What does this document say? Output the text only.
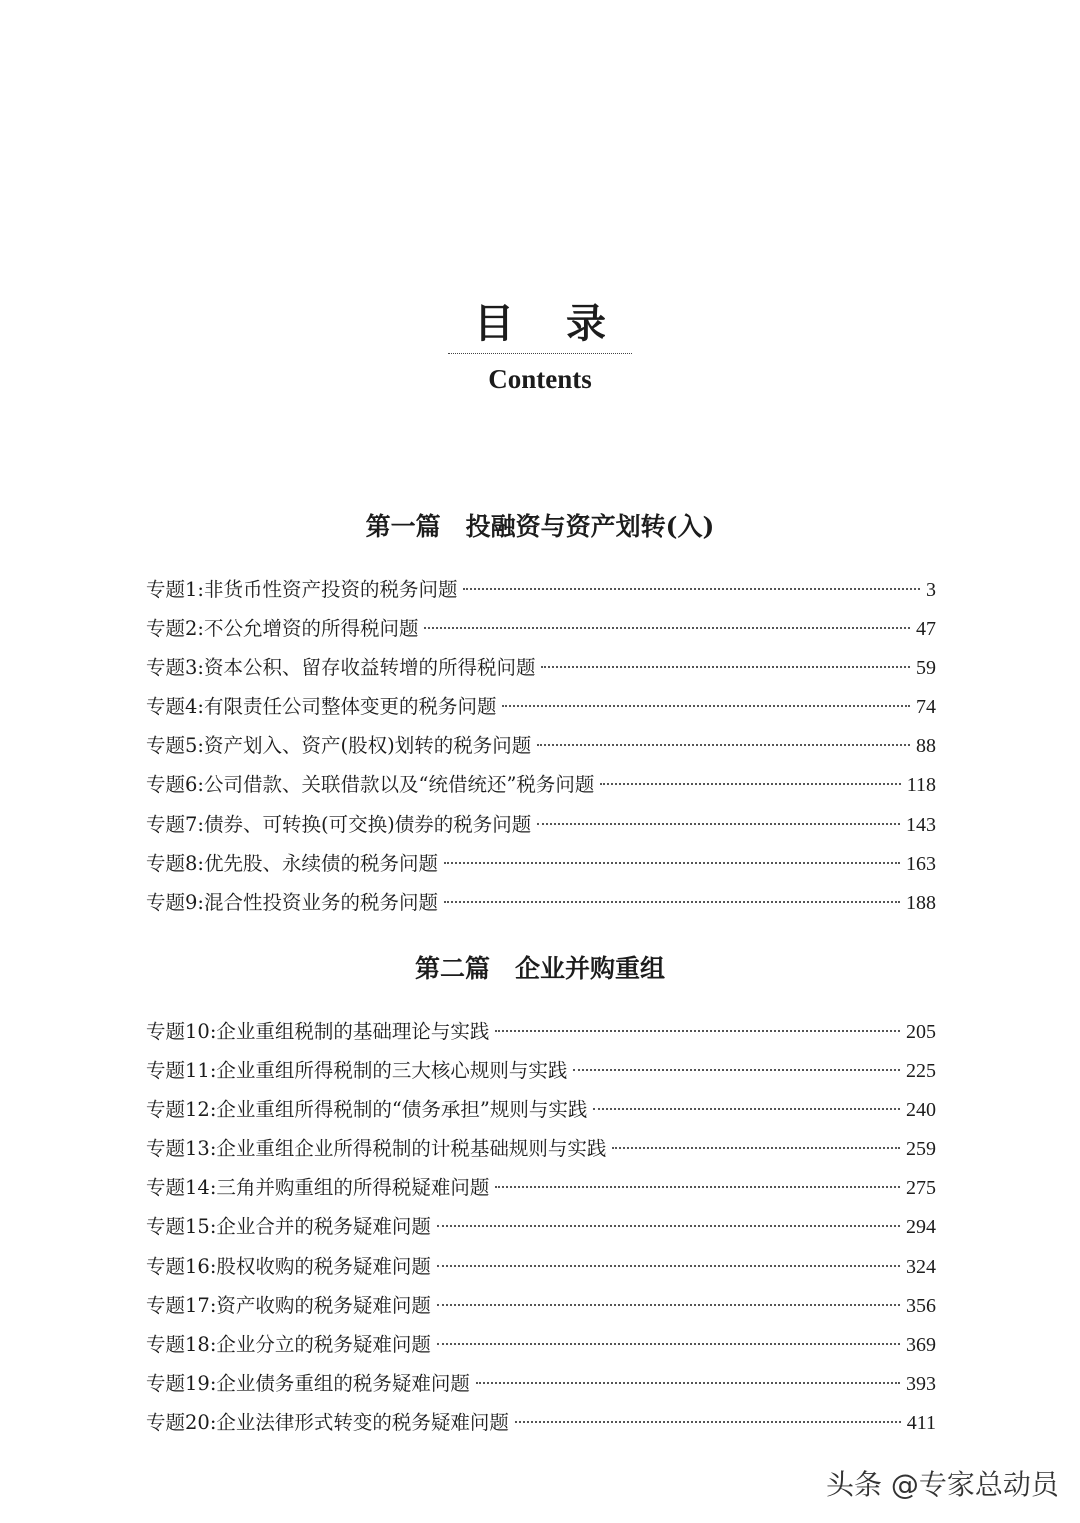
目录
Contents
第一篇　投融资与资产划转(入)
专题1:非货币性资产投资的税务问题	3
专题2:不公允增资的所得税问题	47
专题3:资本公积、留存收益转增的所得税问题	59
专题4:有限责任公司整体变更的税务问题	74
专题5:资产划入、资产(股权)划转的税务问题	88
专题6:公司借款、关联借款以及“统借统还”税务问题	118
专题7:债券、可转换(可交换)债券的税务问题	143
专题8:优先股、永续债的税务问题	163
专题9:混合性投资业务的税务问题	188
第二篇　企业并购重组
专题10:企业重组税制的基础理论与实践	205
专题11:企业重组所得税制的三大核心规则与实践	225
专题12:企业重组所得税制的“债务承担”规则与实践	240
专题13:企业重组企业所得税制的计税基础规则与实践	259
专题14:三角并购重组的所得税疑难问题	275
专题15:企业合并的税务疑难问题	294
专题16:股权收购的税务疑难问题	324
专题17:资产收购的税务疑难问题	356
专题18:企业分立的税务疑难问题	369
专题19:企业债务重组的税务疑难问题	393
专题20:企业法律形式转变的税务疑难问题	411
头条 @专家总动员
